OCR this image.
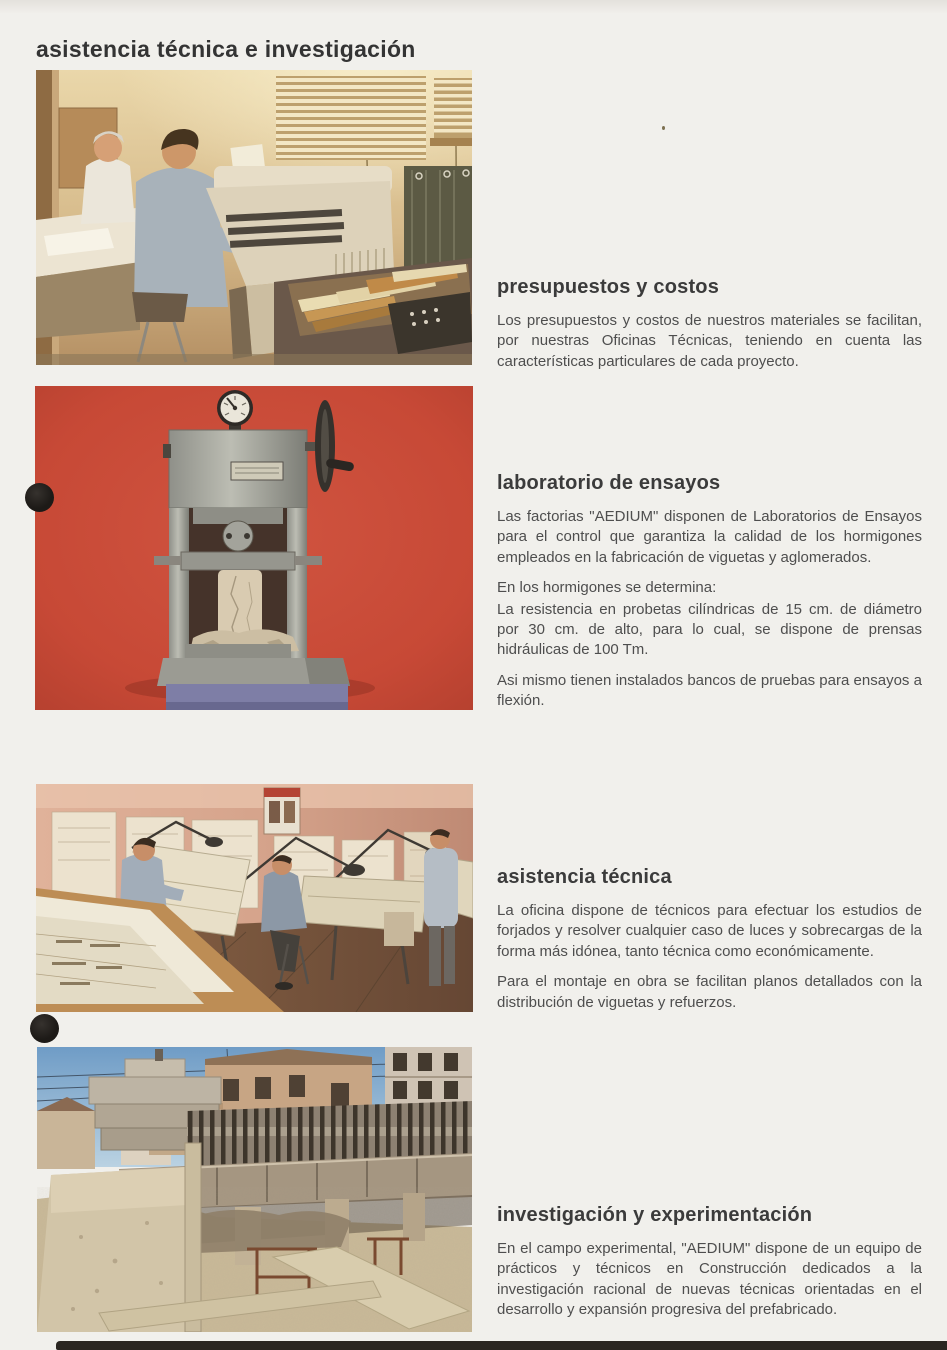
asistencia técnica e investigación
presupuestos y costos

Los presupuestos y costos de nuestros materiales se facilitan, por nuestras Oficinas Técnicas, teniendo en cuenta las características particulares de cada proyecto.

laboratorio de ensayos

Las factorias "AEDIUM" disponen de Laboratorios de Ensayos para el control que garantiza la calidad de los hormigones empleados en la fabricación de viguetas y aglomerados.

En los hormigones se determina:

La resistencia en probetas cilíndricas de 15 cm. de diámetro por 30 cm. de alto, para lo cual, se dispone de prensas hidráulicas de 100 Tm.

Asi mismo tienen instalados bancos de pruebas para ensayos a flexión.

asistencia técnica

La oficina dispone de técnicos para efectuar los estudios de forjados y resolver cualquier caso de luces y sobrecargas de la forma más idónea, tanto técnica como económicamente.

Para el montaje en obra se facilitan planos detallados con la distribución de viguetas y refuerzos.

investigación y experimentación

En el campo experimental, "AEDIUM" dispone de un equipo de prácticos y técnicos en Construcción dedicados a la investigación racional de nuevas técnicas orientadas en el desarrollo y expansión progresiva del prefabricado.
